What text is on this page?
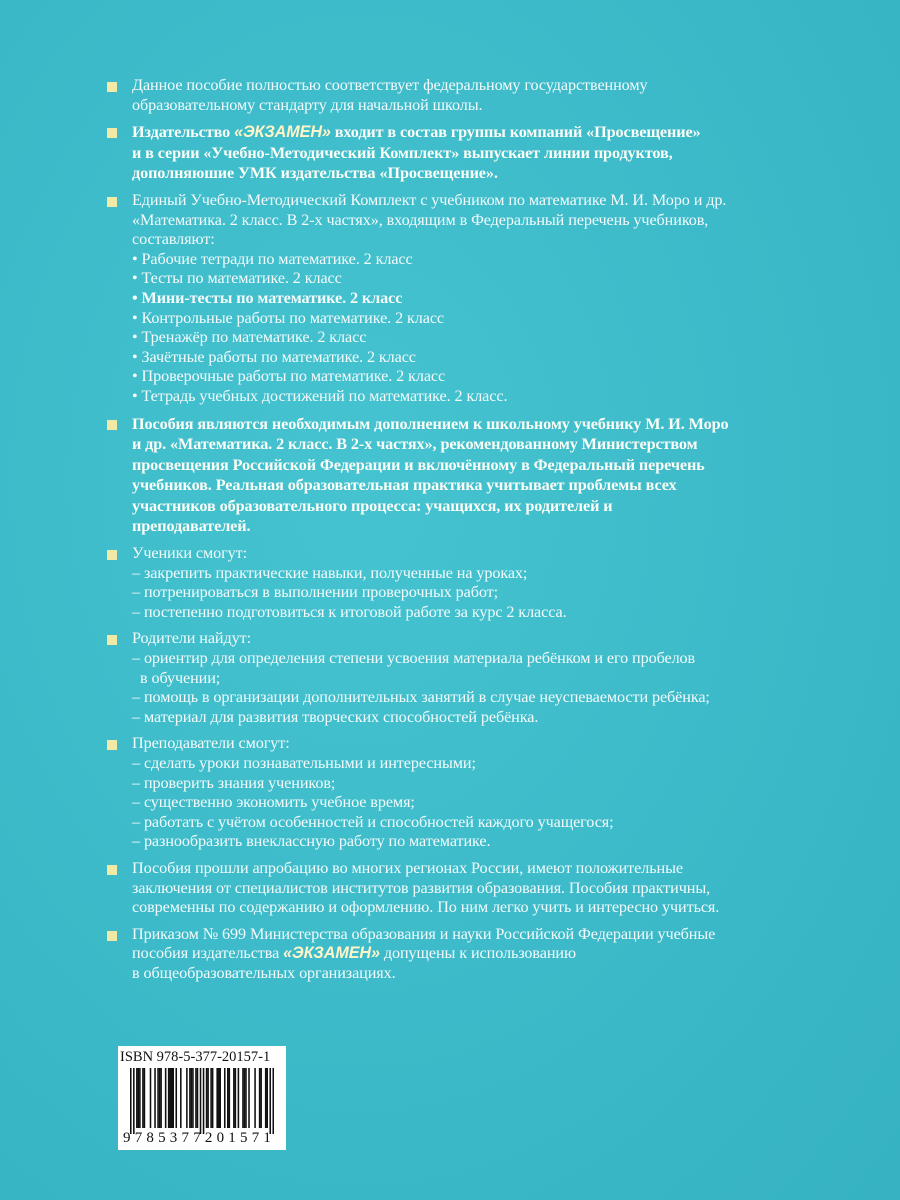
Данное пособие полностью соответствует федеральному государственному
образовательному стандарту для начальной школы.
Издательство «ЭКЗАМЕН» входит в состав группы компаний «Просвещение»
и в серии «Учебно-Методический Комплект» выпускает линии продуктов,
дополняюшие УМК издательства «Просвещение».
Единый Учебно-Методический Комплект с учебником по математике М. И. Моро и др.
«Математика. 2 класс. В 2-х частях», входящим в Федеральный перечень учебников,
составляют:
• Рабочие тетради по математике. 2 класс
• Тесты по математике. 2 класс
• Мини-тесты по математике. 2 класс
• Контрольные работы по математике. 2 класс
• Тренажёр по математике. 2 класс
• Зачётные работы по математике. 2 класс
• Проверочные работы по математике. 2 класс
• Тетрадь учебных достижений по математике. 2 класс.
Пособия являются необходимым дополнением к школьному учебнику М. И. Моро
и др. «Математика. 2 класс. В 2-х частях», рекомендованному Министерством
просвещения Российской Федерации и включённому в Федеральный перечень
учебников. Реальная образовательная практика учитывает проблемы всех
участников образовательного процесса: учащихся, их родителей и
преподавателей.
Ученики смогут:
– закрепить практические навыки, полученные на уроках;
– потренироваться в выполнении проверочных работ;
– постепенно подготовиться к итоговой работе за курс 2 класса.
Родители найдут:
– ориентир для определения степени усвоения материала ребёнком и его пробелов
в обучении;
– помощь в организации дополнительных занятий в случае неуспеваемости ребёнка;
– материал для развития творческих способностей ребёнка.
Преподаватели смогут:
– сделать уроки познавательными и интересными;
– проверить знания учеников;
– существенно экономить учебное время;
– работать с учётом особенностей и способностей каждого учащегося;
– разнообразить внеклассную работу по математике.
Пособия прошли апробацию во многих регионах России, имеют положительные
заключения от специалистов институтов развития образования. Пособия практичны,
современны по содержанию и оформлению. По ним легко учить и интересно учиться.
Приказом № 699 Министерства образования и науки Российской Федерации учебные
пособия издательства «ЭКЗАМЕН» допущены к использованию
в общеобразовательных организациях.
ISBN 978-5-377-20157-1
9785377201571
